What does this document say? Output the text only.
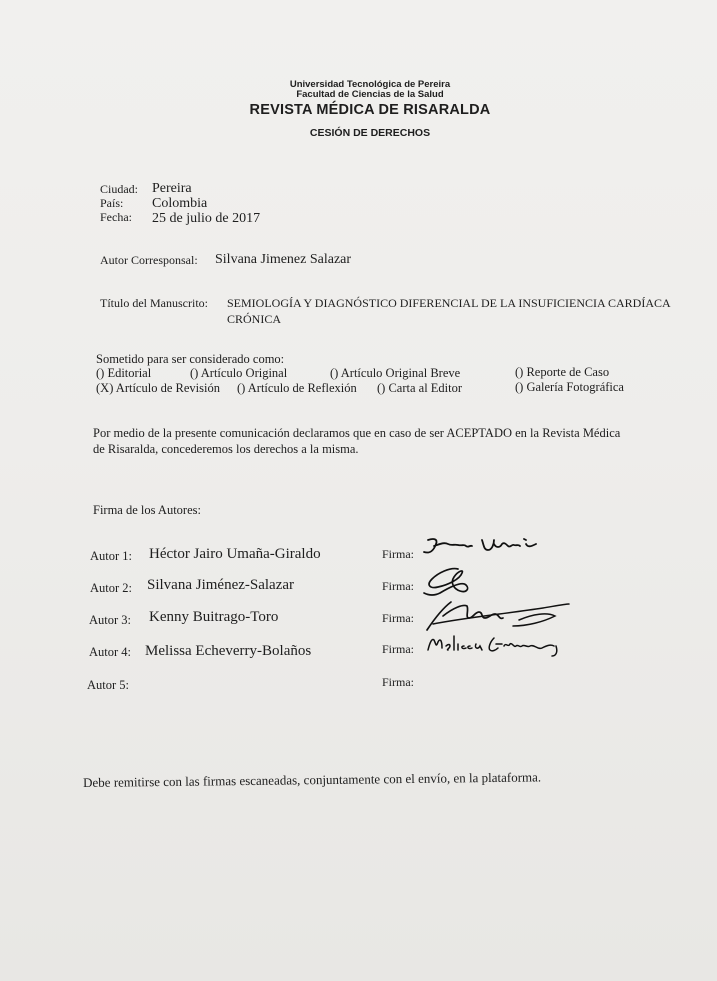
Universidad Tecnológica de Pereira
Facultad de Ciencias de la Salud
REVISTA MÉDICA DE RISARALDA
CESIÓN DE DERECHOS
Ciudad: Pereira
País: Colombia
Fecha: 25 de julio de 2017
Autor Corresponsal: Silvana Jimenez Salazar
Título del Manuscrito: SEMIOLOGÍA Y DIAGNÓSTICO DIFERENCIAL DE LA INSUFICIENCIA CARDÍACA
CRÓNICA
Sometido para ser considerado como:
() Editorial	() Artículo Original	() Artículo Original Breve	() Reporte de Caso
(X) Artículo de Revisión () Artículo de Reflexión () Carta al Editor	() Galería Fotográfica
Por medio de la presente comunicación declaramos que en caso de ser ACEPTADO en la Revista Médica
de Risaralda, concederemos los derechos a la misma.
Firma de los Autores:
Autor 1: Héctor Jairo Umaña-Giraldo	Firma:
Autor 2: Silvana Jiménez-Salazar	Firma:
Autor 3: Kenny Buitrago-Toro	Firma:
Autor 4: Melissa Echeverry-Bolaños	Firma:
Autor 5:	Firma:
Debe remitirse con las firmas escaneadas, conjuntamente con el envío, en la plataforma.
